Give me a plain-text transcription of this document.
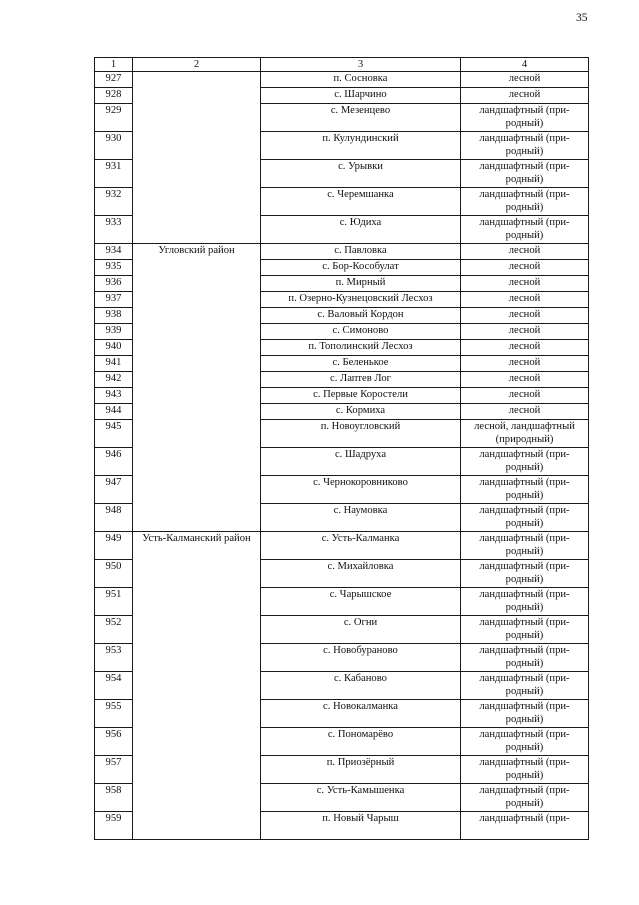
35
1	2	3	4
927		п. Сосновка	лесной
928		с. Шарчино	лесной
929		с. Мезенцево	ландшафтный (при-родный)
930		п. Кулундинский	ландшафтный (при-родный)
931		с. Урывки	ландшафтный (при-родный)
932		с. Черемшанка	ландшафтный (при-родный)
933		с. Юдиха	ландшафтный (при-родный)
934	Угловский район	с. Павловка	лесной
935		с. Бор-Кособулат	лесной
936		п. Мирный	лесной
937		п. Озерно-Кузнецовский Лесхоз	лесной
938		с. Валовый Кордон	лесной
939		с. Симоново	лесной
940		п. Тополинский Лесхоз	лесной
941		с. Беленькое	лесной
942		с. Лаптев Лог	лесной
943		с. Первые Коростели	лесной
944		с. Кормиха	лесной
945		п. Новоугловский	лесной, ландшафтный (природный)
946		с. Шадруха	ландшафтный (при-родный)
947		с. Чернокоровниково	ландшафтный (при-родный)
948		с. Наумовка	ландшафтный (при-родный)
949	Усть-Калманский район	с. Усть-Калманка	ландшафтный (при-родный)
950		с. Михайловка	ландшафтный (при-родный)
951		с. Чарышское	ландшафтный (при-родный)
952		с. Огни	ландшафтный (при-родный)
953		с. Новобураново	ландшафтный (при-родный)
954		с. Кабаново	ландшафтный (при-родный)
955		с. Новокалманка	ландшафтный (при-родный)
956		с. Пономарёво	ландшафтный (при-родный)
957		п. Приозёрный	ландшафтный (при-родный)
958		с. Усть-Камышенка	ландшафтный (при-родный)
959		п. Новый Чарыш	ландшафтный (при-
